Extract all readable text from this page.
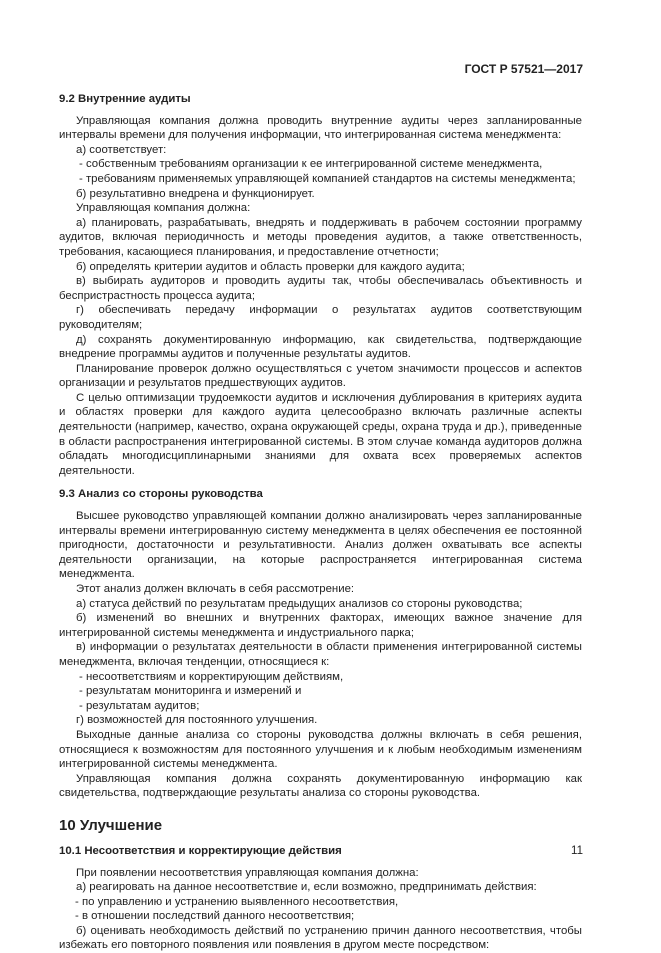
ГОСТ Р 57521—2017

9.2 Внутренние аудиты

Управляющая компания должна проводить внутренние аудиты через запланированные интервалы времени для получения информации, что интегрированная система менеджмента:

а) соответствует:

- собственным требованиям организации к ее интегрированной системе менеджмента,

- требованиям применяемых управляющей компанией стандартов на системы менеджмента;

б) результативно внедрена и функционирует.

Управляющая компания должна:

а) планировать, разрабатывать, внедрять и поддерживать в рабочем состоянии программу аудитов, включая периодичность и методы проведения аудитов, а также ответственность, требования, касающиеся планирования, и предоставление отчетности;

б) определять критерии аудитов и область проверки для каждого аудита;

в) выбирать аудиторов и проводить аудиты так, чтобы обеспечивалась объективность и беспристрастность процесса аудита;

г) обеспечивать передачу информации о результатах аудитов соответствующим руководителям;

д) сохранять документированную информацию, как свидетельства, подтверждающие внедрение программы аудитов и полученные результаты аудитов.

Планирование проверок должно осуществляться с учетом значимости процессов и аспектов организации и результатов предшествующих аудитов.

С целью оптимизации трудоемкости аудитов и исключения дублирования в критериях аудита и областях проверки для каждого аудита целесообразно включать различные аспекты деятельности (например, качество, охрана окружающей среды, охрана труда и др.), приведенные в области распространения интегрированной системы. В этом случае команда аудиторов должна обладать многодисциплинарными знаниями для охвата всех проверяемых аспектов деятельности.

9.3 Анализ со стороны руководства

Высшее руководство управляющей компании должно анализировать через запланированные интервалы времени интегрированную систему менеджмента в целях обеспечения ее постоянной пригодности, достаточности и результативности. Анализ должен охватывать все аспекты деятельности организации, на которые распространяется интегрированная система менеджмента.

Этот анализ должен включать в себя рассмотрение:

а) статуса действий по результатам предыдущих анализов со стороны руководства;

б) изменений во внешних и внутренних факторах, имеющих важное значение для интегрированной системы менеджмента и индустриального парка;

в) информации о результатах деятельности в области применения интегрированной системы менеджмента, включая тенденции, относящиеся к:

- несоответствиям и корректирующим действиям,

- результатам мониторинга и измерений и

- результатам аудитов;

г) возможностей для постоянного улучшения.

Выходные данные анализа со стороны руководства должны включать в себя решения, относящиеся к возможностям для постоянного улучшения и к любым необходимым изменениям интегрированной системы менеджмента.

Управляющая компания должна сохранять документированную информацию как свидетельства, подтверждающие результаты анализа со стороны руководства.

10 Улучшение

10.1 Несоответствия и корректирующие действия

При появлении несоответствия управляющая компания должна:

а) реагировать на данное несоответствие и, если возможно, предпринимать действия:

- по управлению и устранению выявленного несоответствия,

- в отношении последствий данного несоответствия;

б) оценивать необходимость действий по устранению причин данного несоответствия, чтобы избежать его повторного появления или появления в другом месте посредством:

11
